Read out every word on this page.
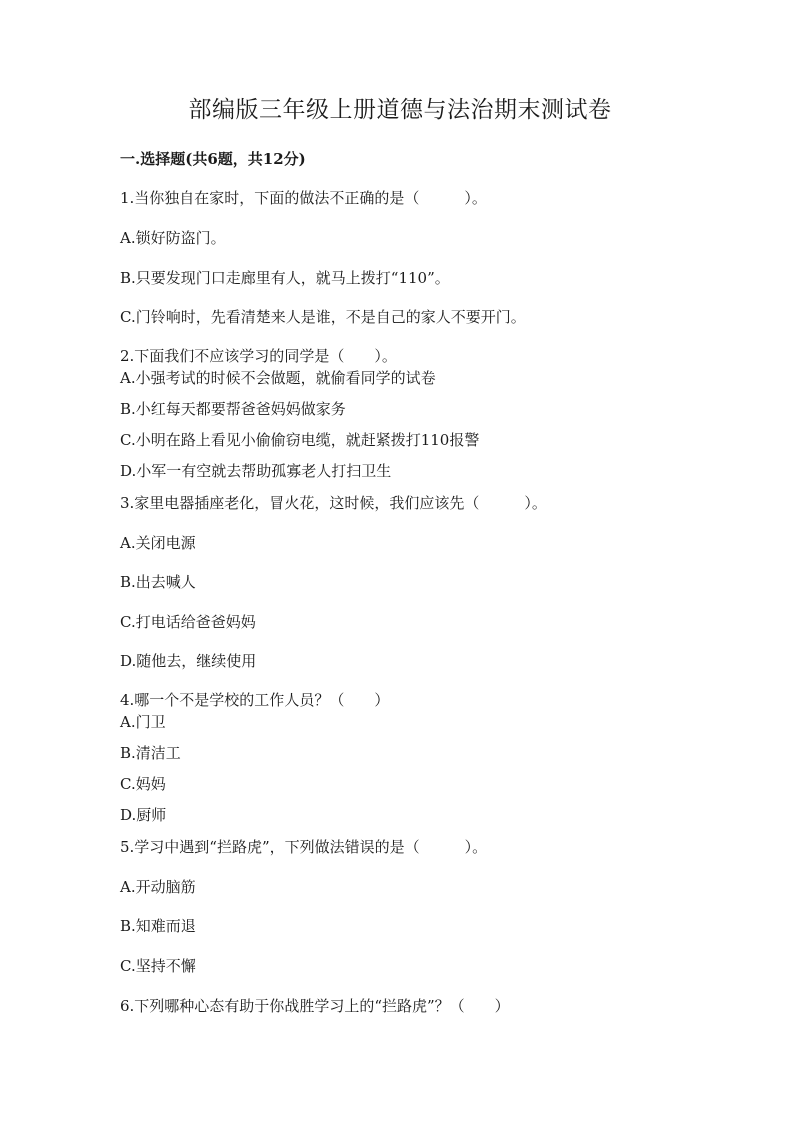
部编版三年级上册道德与法治期末测试卷
一.选择题(共6题，共12分)
1.当你独自在家时，下面的做法不正确的是（　　　）。
A.锁好防盗门。
B.只要发现门口走廊里有人，就马上拨打“110”。
C.门铃响时，先看清楚来人是谁，不是自己的家人不要开门。
2.下面我们不应该学习的同学是（　　）。
A.小强考试的时候不会做题，就偷看同学的试卷
B.小红每天都要帮爸爸妈妈做家务
C.小明在路上看见小偷偷窃电缆，就赶紧拨打110报警
D.小军一有空就去帮助孤寡老人打扫卫生
3.家里电器插座老化，冒火花，这时候，我们应该先（　　　）。
A.关闭电源
B.出去喊人
C.打电话给爸爸妈妈
D.随他去，继续使用
4.哪一个不是学校的工作人员？（　　）
A.门卫
B.清洁工
C.妈妈
D.厨师
5.学习中遇到“拦路虎”，下列做法错误的是（　　　）。
A.开动脑筋
B.知难而退
C.坚持不懈
6.下列哪种心态有助于你战胜学习上的“拦路虎”？（　　）
